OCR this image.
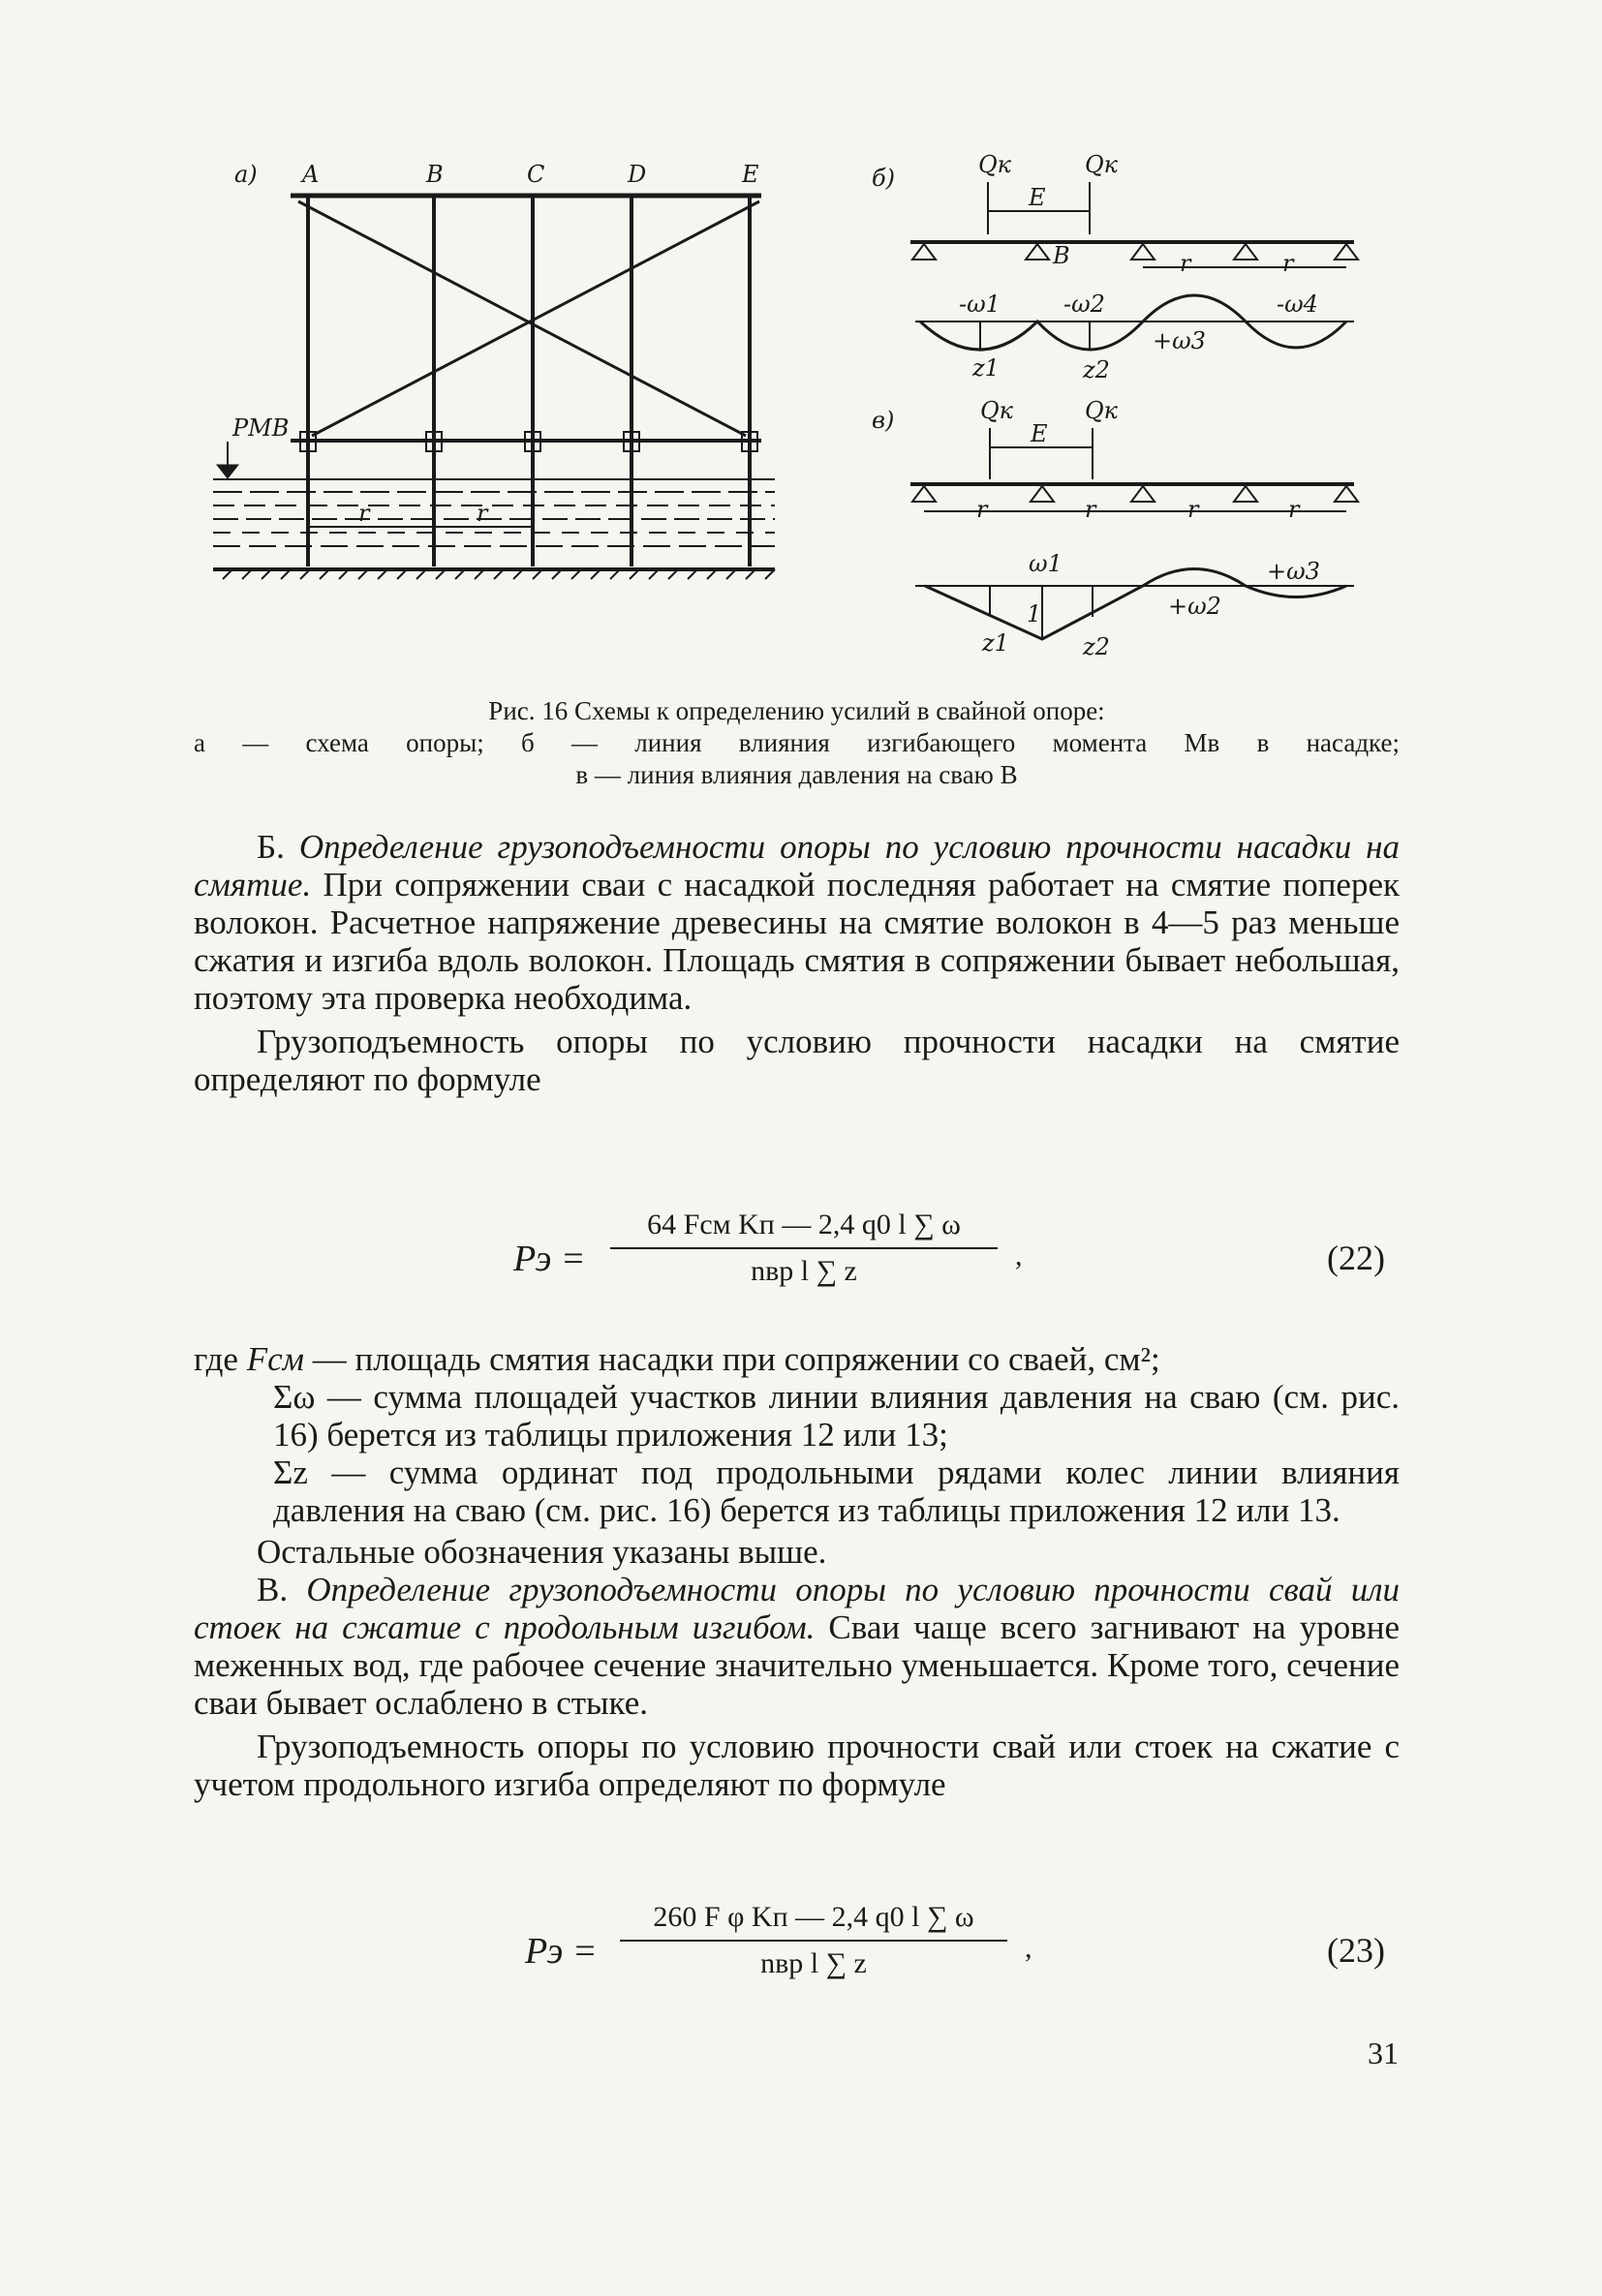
а) A	B	C	D	E
РМВ
r	r
б)	Qк	Qк
E
B	r	r
-ω1	-ω2
+ω3
-ω4
z1	z2
в)	Qк	Qк
E
r	r	r	r
ω1
+ω2
+ω3
1
z1	z2
Рис. 16 Схемы к определению усилий в свайной опоре:
а — схема опоры; б — линия влияния изгибающего момента Мв в насадке;
в — линия влияния давления на сваю В

Б. Определение грузоподъемности опоры по условию прочности насадки на смятие. При сопряжении сваи с насадкой последняя работает на смятие поперек волокон. Расчетное напряжение древесины на смятие волокон в 4—5 раз меньше сжатия и изгиба вдоль волокон. Площадь смятия в сопряжении бывает небольшая, поэтому эта проверка необходима.

Грузоподъемность опоры по условию прочности насадки на смятие определяют по формуле

Рэ =
64 Fсм Kп — 2,4 q0 l ∑ ω
nвр l ∑ z	,	(22)
где Fсм — площадь смятия насадки при сопряжении со сваей, см²;
Σω — сумма площадей участков линии влияния давления на сваю (см. рис. 16) берется из таблицы приложения 12 или 13;
Σz — сумма ординат под продольными рядами колес линии влияния давления на сваю (см. рис. 16) берется из таблицы приложения 12 или 13.

Остальные обозначения указаны выше.

В. Определение грузоподъемности опоры по условию прочности свай или стоек на сжатие с продольным изгибом. Сваи чаще всего загнивают на уровне меженных вод, где рабочее сечение значительно уменьшается. Кроме того, сечение сваи бывает ослаблено в стыке.

Грузоподъемность опоры по условию прочности свай или стоек на сжатие с учетом продольного изгиба определяют по формуле

Рэ =
260 F φ Kп — 2,4 q0 l ∑ ω
nвр l ∑ z	,	(23)
31
